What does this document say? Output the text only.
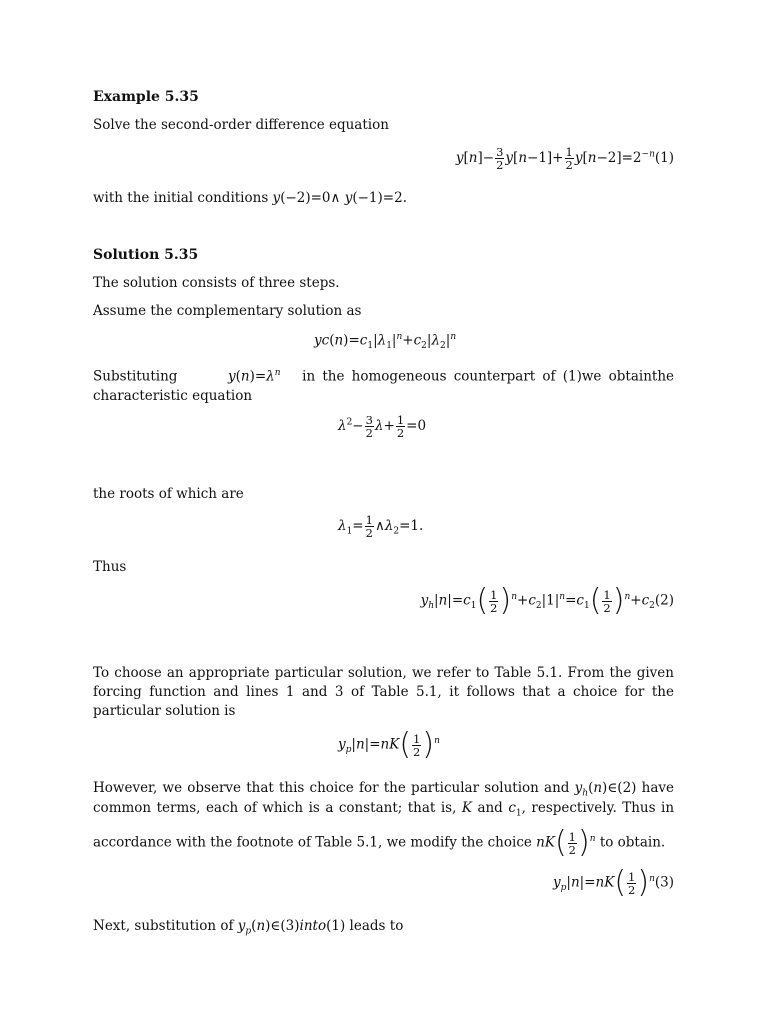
Example 5.35
Solve the second-order difference equation
$y[n]- \frac{3}{2} y[n-1]+ \frac{1}{2} y[n-2]=2^{-n}(1)$
with the initial conditions y(−2)=0∧ y(−1)=2.
Solution 5.35
The solution consists of three steps.
Assume the complementary solution as
$yc(n)=c_1|\lambda_1|^n+c_2|\lambda_2|^n$
Substituting	$y(n)=\lambda^n$ in the homogeneous counterpart of (1)we obtainthe characteristic equation
$\lambda^2- \frac{3}{2} \lambda+ \frac{1}{2} =0$
the roots of which are
$\lambda_1= \frac{1}{2}$ $\wedge\lambda_2=1$.
Thus
$y_h|n|=c_1( \frac{1}{2} )^n+c_2|1|^n=c_1( \frac{1}{2} )^n+c_2(2)$
To choose an appropriate particular solution, we refer to Table 5.1. From the given forcing function and lines 1 and 3 of Table 5.1, it follows that a choice for the particular solution is
$y_p|n|=nK( \frac{1}{2} )^n$
However, we observe that this choice for the particular solution and $y_h(n)\in(2)$ have
common terms, each of which is a constant; that is, K and $c_1$, respectively. Thus in
accordance with the footnote of Table 5.1, we modify the choice $nK( \frac{1}{2} )^n$ to obtain.
$y_p|n|=nK( \frac{1}{2} )^n(3)$
Next, substitution of $y_p(n)\in(3)into(1)$ leads to
